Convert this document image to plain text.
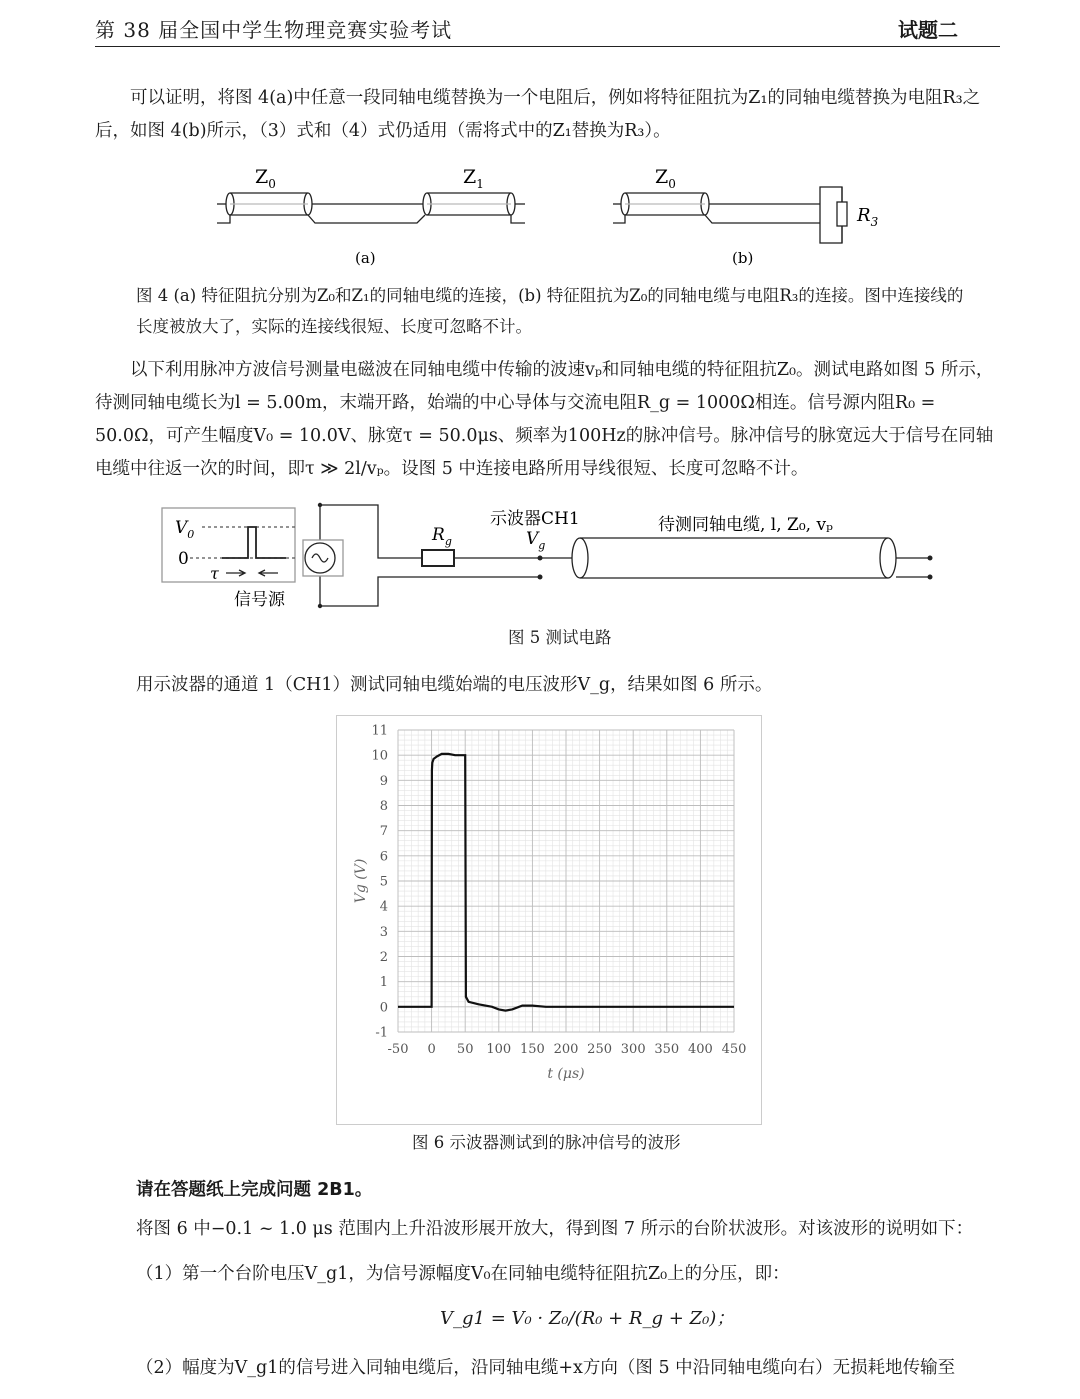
第 38 届全国中学生物理竞赛实验考试	试题二
可以证明，将图 4(a)中任意一段同轴电缆替换为一个电阻后，例如将特征阻抗为Z₁的同轴电缆替换为电阻R₃之后，如图 4(b)所示，（3）式和（4）式仍适用（需将式中的Z₁替换为R₃）。
$Z_0$	$Z_1$
(a)
$Z_0$
$R_3$
(b)
图 4 (a) 特征阻抗分别为Z₀和Z₁的同轴电缆的连接，(b) 特征阻抗为Z₀的同轴电缆与电阻R₃的连接。图中连接线的长度被放大了，实际的连接线很短、长度可忽略不计。
以下利用脉冲方波信号测量电磁波在同轴电缆中传输的波速vₚ和同轴电缆的特征阻抗Z₀。测试电路如图 5 所示，待测同轴电缆长为l = 5.00m，末端开路，始端的中心导体与交流电阻R_g = 1000Ω相连。信号源内阻R₀ = 50.0Ω，可产生幅度V₀ = 10.0V、脉宽τ = 50.0μs、频率为100Hz的脉冲信号。脉冲信号的脉宽远大于信号在同轴电缆中往返一次的时间，即τ ≫ 2l/vₚ。设图 5 中连接电路所用导线很短、长度可忽略不计。
$V_0$
0
τ
信号源
$R_g$
示波器CH1
$V_g$
待测同轴电缆, l, Z₀, vₚ
图 5 测试电路
用示波器的通道 1（CH1）测试同轴电缆始端的电压波形V_g，结果如图 6 所示。
-50 0 50 100 150 200 250 300 350 400 450
-1
0
1
2
3
4
5
6
7
8
9
10
11
Vg (V)
t (μs)
图 6 示波器测试到的脉冲信号的波形
请在答题纸上完成问题 2B1。
将图 6 中−0.1 ~ 1.0 μs 范围内上升沿波形展开放大，得到图 7 所示的台阶状波形。对该波形的说明如下：
（1）第一个台阶电压V_g1，为信号源幅度V₀在同轴电缆特征阻抗Z₀上的分压，即：
V_g1 = V₀ · Z₀/(R₀ + R_g + Z₀)；
（2）幅度为V_g1的信号进入同轴电缆后，沿同轴电缆+x方向（图 5 中沿同轴电缆向右）无损耗地传输至
